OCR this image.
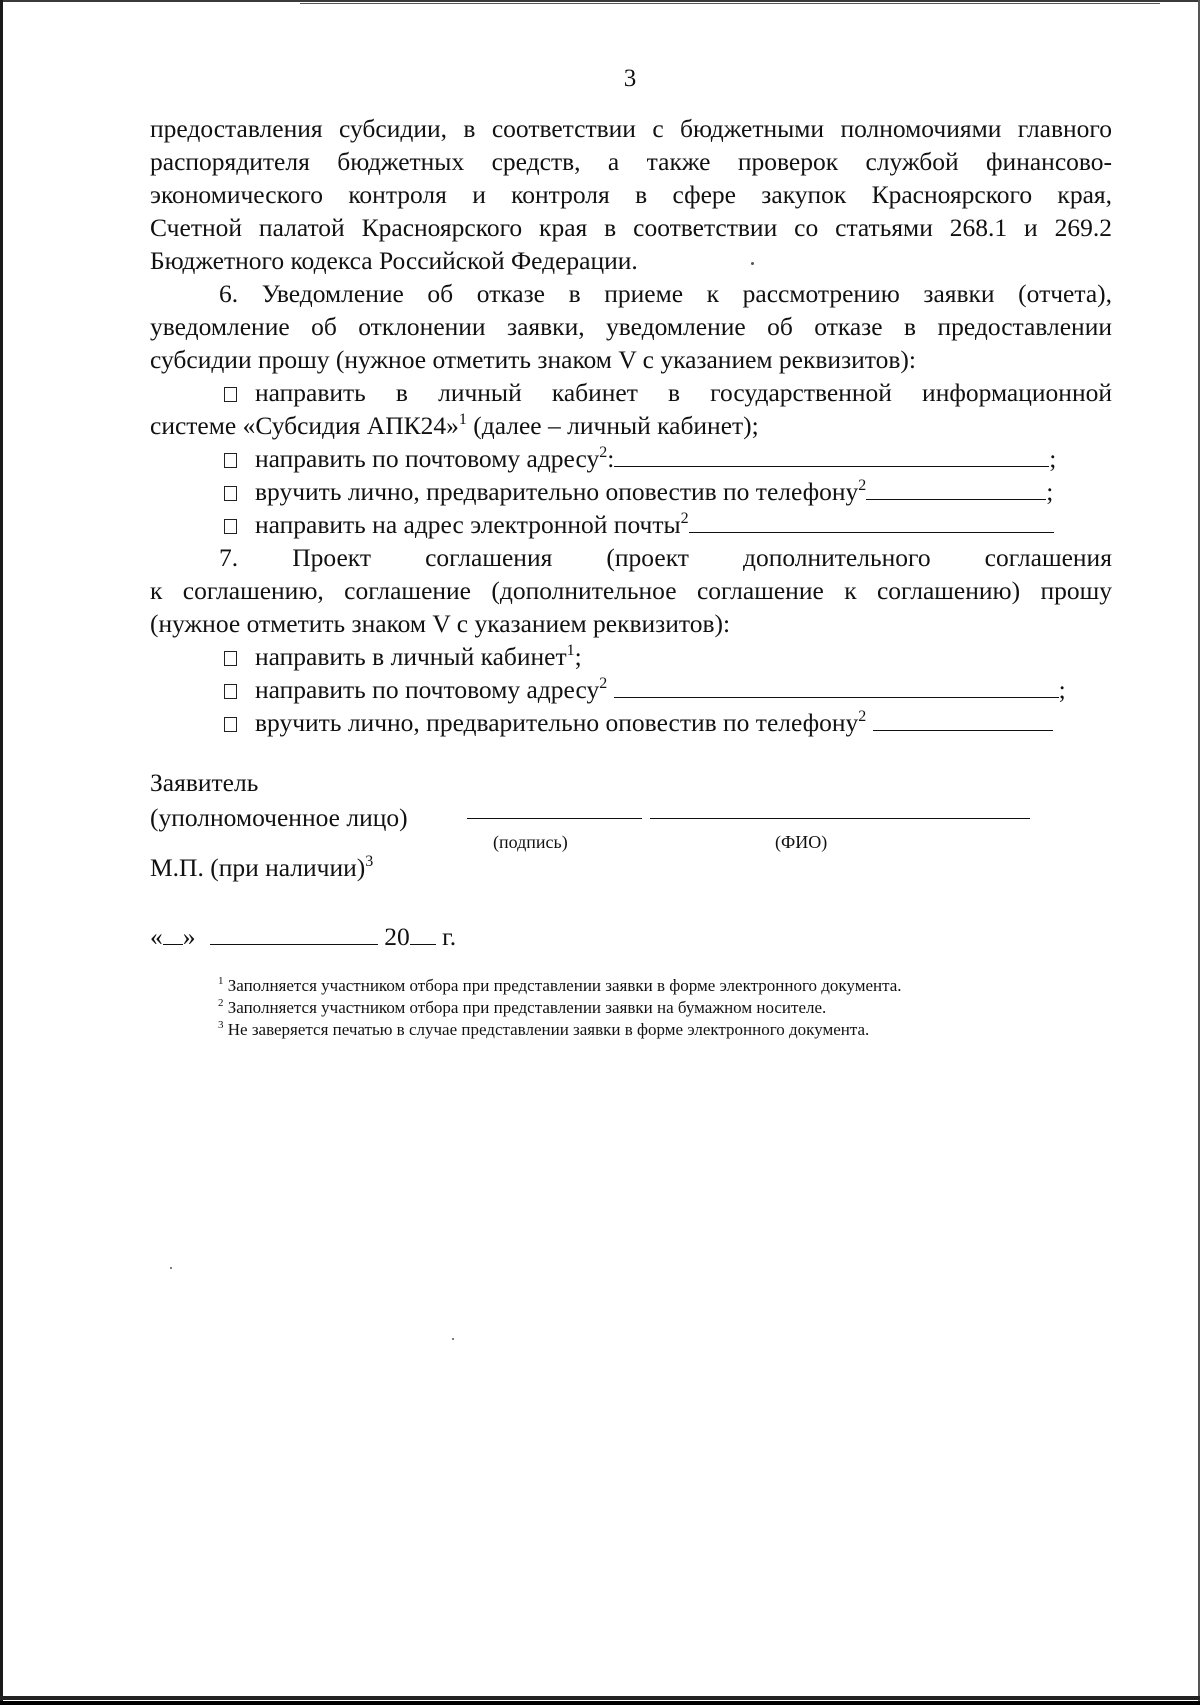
3

предоставления субсидии, в соответствии с бюджетными полномочиями главного

распорядителя бюджетных средств, а также проверок службой финансово-

экономического контроля и контроля в сфере закупок Красноярского края,

Счетной палатой Красноярского края в соответствии со статьями 268.1 и 269.2

Бюджетного кодекса Российской Федерации.

6. Уведомление об отказе в приеме к рассмотрению заявки (отчета),

уведомление об отклонении заявки, уведомление об отказе в предоставлении

субсидии прошу (нужное отметить знаком V с указанием реквизитов):

направить в личный кабинет в государственной информационной

системе «Субсидия АПК24»$^1$ (далее – личный кабинет);

направить по почтовому адресу$^2$:	;

вручить лично, предварительно оповестив по телефону$^2$	;

направить на адрес электронной почты$^2$

7. Проект соглашения (проект дополнительного соглашения

к соглашению, соглашение (дополнительное соглашение к соглашению) прошу

(нужное отметить знаком V с указанием реквизитов):

направить в личный кабинет$^1$;

направить по почтовому адресу$^2$	;

вручить лично, предварительно оповестив по телефону$^2$

Заявитель
(уполномоченное лицо)
(подпись)	(ФИО)
М.П. (при наличии)$^3$
« »	20 г.

$^1$ Заполняется участником отбора при представлении заявки в форме электронного документа.

$^2$ Заполняется участником отбора при представлении заявки на бумажном носителе.

$^3$ Не заверяется печатью в случае представлении заявки в форме электронного документа.
